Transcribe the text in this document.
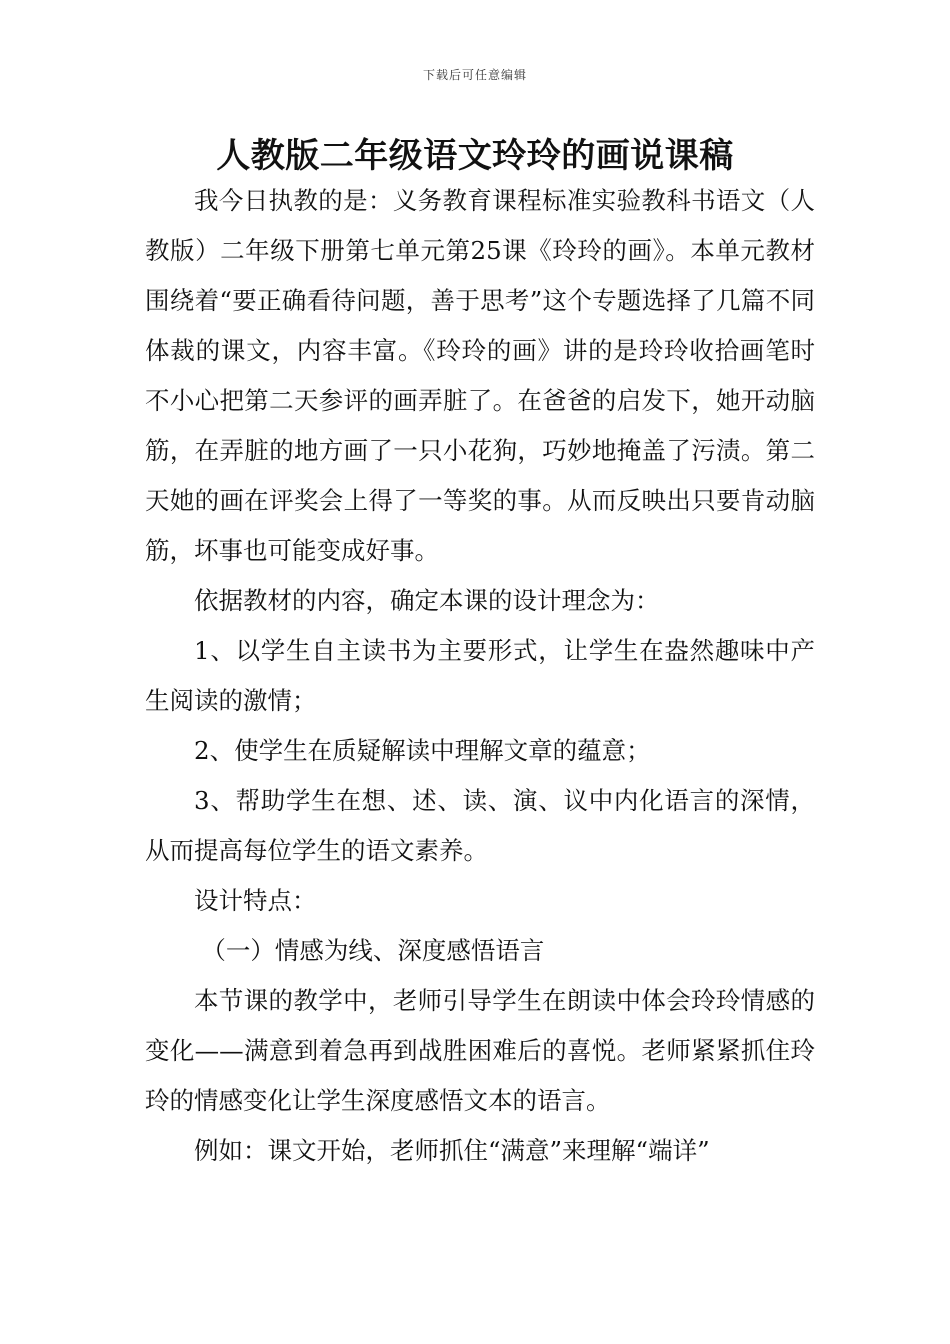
下载后可任意编辑
人教版二年级语文玲玲的画说课稿

我今日执教的是：义务教育课程标准实验教科书语文（人教版）二年级下册第七单元第25课《玲玲的画》。本单元教材围绕着“要正确看待问题，善于思考”这个专题选择了几篇不同体裁的课文，内容丰富。《玲玲的画》讲的是玲玲收拾画笔时不小心把第二天参评的画弄脏了。在爸爸的启发下，她开动脑筋，在弄脏的地方画了一只小花狗，巧妙地掩盖了污渍。第二天她的画在评奖会上得了一等奖的事。从而反映出只要肯动脑筋，坏事也可能变成好事。

依据教材的内容，确定本课的设计理念为：

1、以学生自主读书为主要形式，让学生在盎然趣味中产生阅读的激情；

2、使学生在质疑解读中理解文章的蕴意；

3、帮助学生在想、述、读、演、议中内化语言的深情，从而提高每位学生的语文素养。

设计特点：

（一）情感为线、深度感悟语言

本节课的教学中，老师引导学生在朗读中体会玲玲情感的变化——满意到着急再到战胜困难后的喜悦。老师紧紧抓住玲玲的情感变化让学生深度感悟文本的语言。

例如：课文开始，老师抓住“满意”来理解“端详”
